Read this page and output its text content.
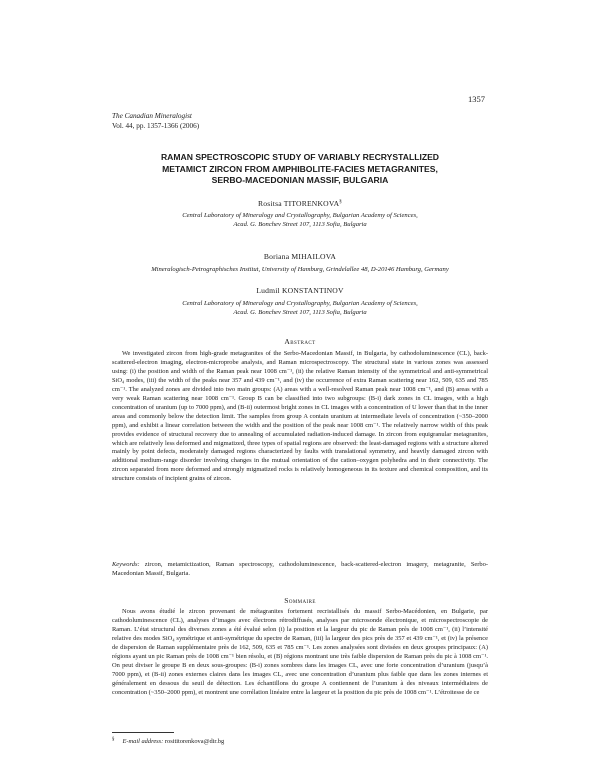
1357
The Canadian Mineralogist
Vol. 44, pp. 1357-1366 (2006)
RAMAN SPECTROSCOPIC STUDY OF VARIABLY RECRYSTALLIZED
METAMICT ZIRCON FROM AMPHIBOLITE-FACIES METAGRANITES,
SERBO-MACEDONIAN MASSIF, BULGARIA
Rositsa TITORENKOVA§
Central Laboratory of Mineralogy and Crystallography, Bulgarian Academy of Sciences,
Acad. G. Bonchev Street 107, 1113 Sofia, Bulgaria
Boriana MIHAILOVA
Mineralogisch-Petrographisches Institut, University of Hamburg, Grindelallee 48, D-20146 Hamburg, Germany
Ludmil KONSTANTINOV
Central Laboratory of Mineralogy and Crystallography, Bulgarian Academy of Sciences,
Acad. G. Bonchev Street 107, 1113 Sofia, Bulgaria
Abstract

We investigated zircon from high-grade metagranites of the Serbo-Macedonian Massif, in Bulgaria, by cathodoluminescence (CL), back-scattered-electron imaging, electron-microprobe analysis, and Raman microspectroscopy. The structural state in various zones was assessed using: (i) the position and width of the Raman peak near 1008 cm⁻¹, (ii) the relative Raman intensity of the symmetrical and anti-symmetrical SiO₄ modes, (iii) the width of the peaks near 357 and 439 cm⁻¹, and (iv) the occurrence of extra Raman scattering near 162, 509, 635 and 785 cm⁻¹. The analyzed zones are divided into two main groups: (A) areas with a well-resolved Raman peak near 1008 cm⁻¹, and (B) areas with a very weak Raman scattering near 1008 cm⁻¹. Group B can be classified into two subgroups: (B-i) dark zones in CL images, with a high concentration of uranium (up to 7000 ppm), and (B-ii) outermost bright zones in CL images with a concentration of U lower than that in the inner areas and commonly below the detection limit. The samples from group A contain uranium at intermediate levels of concentration (~350–2000 ppm), and exhibit a linear correlation between the width and the position of the peak near 1008 cm⁻¹. The relatively narrow width of this peak provides evidence of structural recovery due to annealing of accumulated radiation-induced damage. In zircon from equigranular metagranites, which are relatively less deformed and migmatized, three types of spatial regions are observed: the least-damaged regions with a structure altered mainly by point defects, moderately damaged regions characterized by faults with translational symmetry, and heavily damaged zircon with additional medium-range disorder involving changes in the mutual orientation of the cation–oxygen polyhedra and in their connectivity. The zircon separated from more deformed and strongly migmatized rocks is relatively homogeneous in its texture and chemical composition, and its structure consists of incipient grains of zircon.

Keywords: zircon, metamictization, Raman spectroscopy, cathodoluminescence, back-scattered-electron imagery, metagranite, Serbo-Macedonian Massif, Bulgaria.

Sommaire

Nous avons étudié le zircon provenant de métagranites fortement recristallisés du massif Serbo-Macédonien, en Bulgarie, par cathodoluminescence (CL), analyses d’images avec électrons rétrodiffusés, analyses par microsonde électronique, et microspectroscopie de Raman. L’état structural des diverses zones a été évalué selon (i) la position et la largeur du pic de Raman près de 1008 cm⁻¹, (ii) l’intensité relative des modes SiO₄ symétrique et anti-symétrique du spectre de Raman, (iii) la largeur des pics près de 357 et 439 cm⁻¹, et (iv) la présence de dispersion de Raman supplémentaire près de 162, 509, 635 et 785 cm⁻¹. Les zones analysées sont divisées en deux groupes principaux: (A) régions ayant un pic Raman près de 1008 cm⁻¹ bien résolu, et (B) régions montrant une très faible dispersion de Raman près du pic à 1008 cm⁻¹. On peut diviser le groupe B en deux sous-groupes: (B-i) zones sombres dans les images CL, avec une forte concentration d’uranium (jusqu’à 7000 ppm), et (B-ii) zones externes claires dans les images CL, avec une concentration d’uranium plus faible que dans les zones internes et généralement en dessous du seuil de détection. Les échantillons du groupe A contiennent de l’uranium à des niveaux intermédiaires de concentration (~350–2000 ppm), et montrent une corrélation linéaire entre la largeur et la position du pic près de 1008 cm⁻¹. L’étroitesse de ce

§ E-mail address: rosititorenkova@dir.bg
